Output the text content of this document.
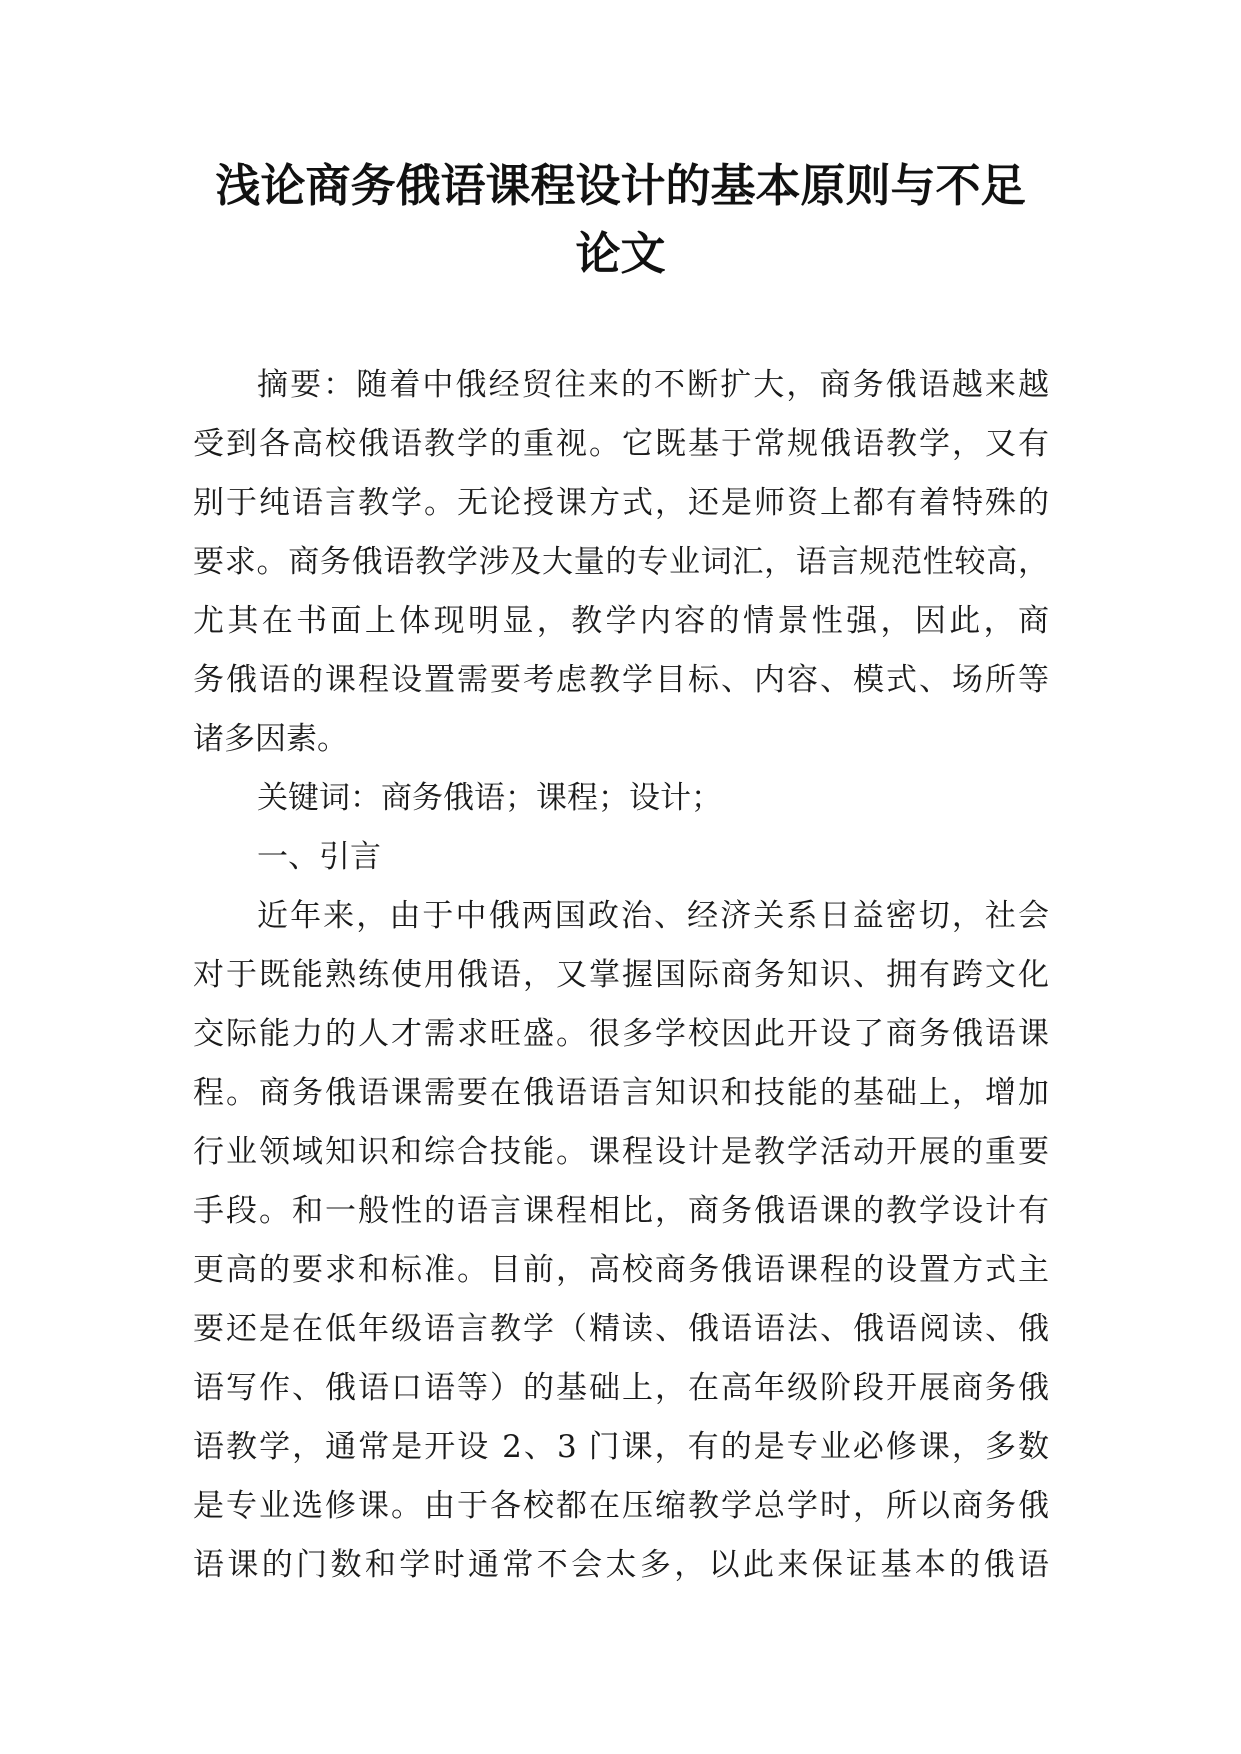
浅论商务俄语课程设计的基本原则与不足
论文
摘要：随着中俄经贸往来的不断扩大，商务俄语越来越
受到各高校俄语教学的重视。它既基于常规俄语教学，又有
别于纯语言教学。无论授课方式，还是师资上都有着特殊的
要求。商务俄语教学涉及大量的专业词汇，语言规范性较高，
尤其在书面上体现明显，教学内容的情景性强，因此，商
务俄语的课程设置需要考虑教学目标、内容、模式、场所等
诸多因素。
关键词：商务俄语；课程；设计；
一、引言
近年来，由于中俄两国政治、经济关系日益密切，社会
对于既能熟练使用俄语，又掌握国际商务知识、拥有跨文化
交际能力的人才需求旺盛。很多学校因此开设了商务俄语课
程。商务俄语课需要在俄语语言知识和技能的基础上，增加
行业领域知识和综合技能。课程设计是教学活动开展的重要
手段。和一般性的语言课程相比，商务俄语课的教学设计有
更高的要求和标准。目前，高校商务俄语课程的设置方式主
要还是在低年级语言教学（精读、俄语语法、俄语阅读、俄
语写作、俄语口语等）的基础上，在高年级阶段开展商务俄
语教学，通常是开设 2、3 门课，有的是专业必修课，多数
是专业选修课。由于各校都在压缩教学总学时，所以商务俄
语课的门数和学时通常不会太多，以此来保证基本的俄语
